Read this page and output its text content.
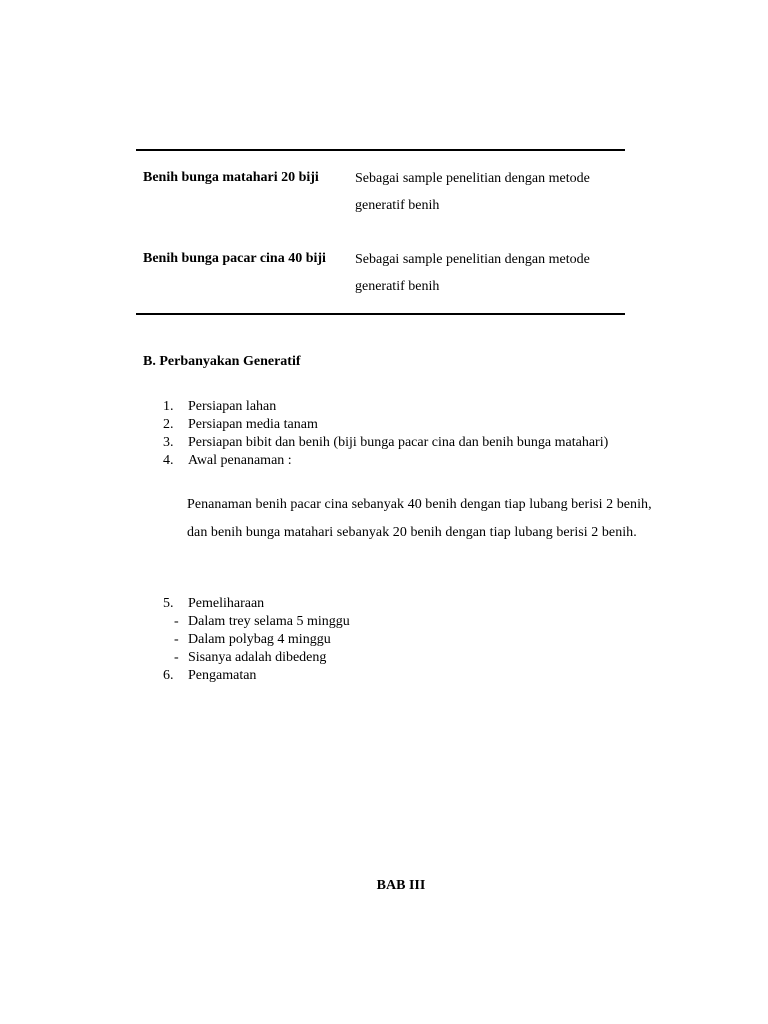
Benih bunga matahari 20 biji	Sebagai sample penelitian dengan metode generatif benih
Benih bunga pacar cina 40 biji	Sebagai sample penelitian dengan metode generatif benih
B. Perbanyakan Generatif
1.	Persiapan lahan
2.	Persiapan media tanam
3.	Persiapan bibit dan benih (biji bunga pacar cina dan benih bunga matahari)
4.	Awal penanaman :
Penanaman benih pacar cina sebanyak 40 benih dengan tiap lubang berisi 2 benih, dan benih bunga matahari sebanyak 20 benih dengan tiap lubang berisi 2 benih.
5.	Pemeliharaan
- Dalam trey selama 5 minggu
- Dalam polybag 4 minggu
- Sisanya adalah dibedeng
6.	Pengamatan
BAB III
